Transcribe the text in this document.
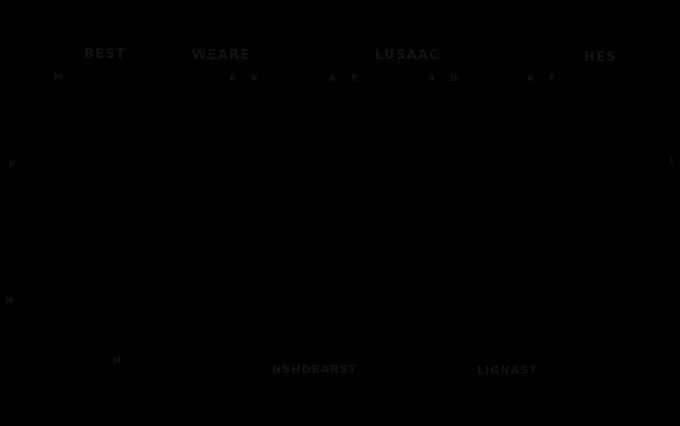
BEST	WEARE	LUSAAC	HES
M	A K	A R	A D	A F
P
N
M
I
NSHDEARST	LIGNAST
